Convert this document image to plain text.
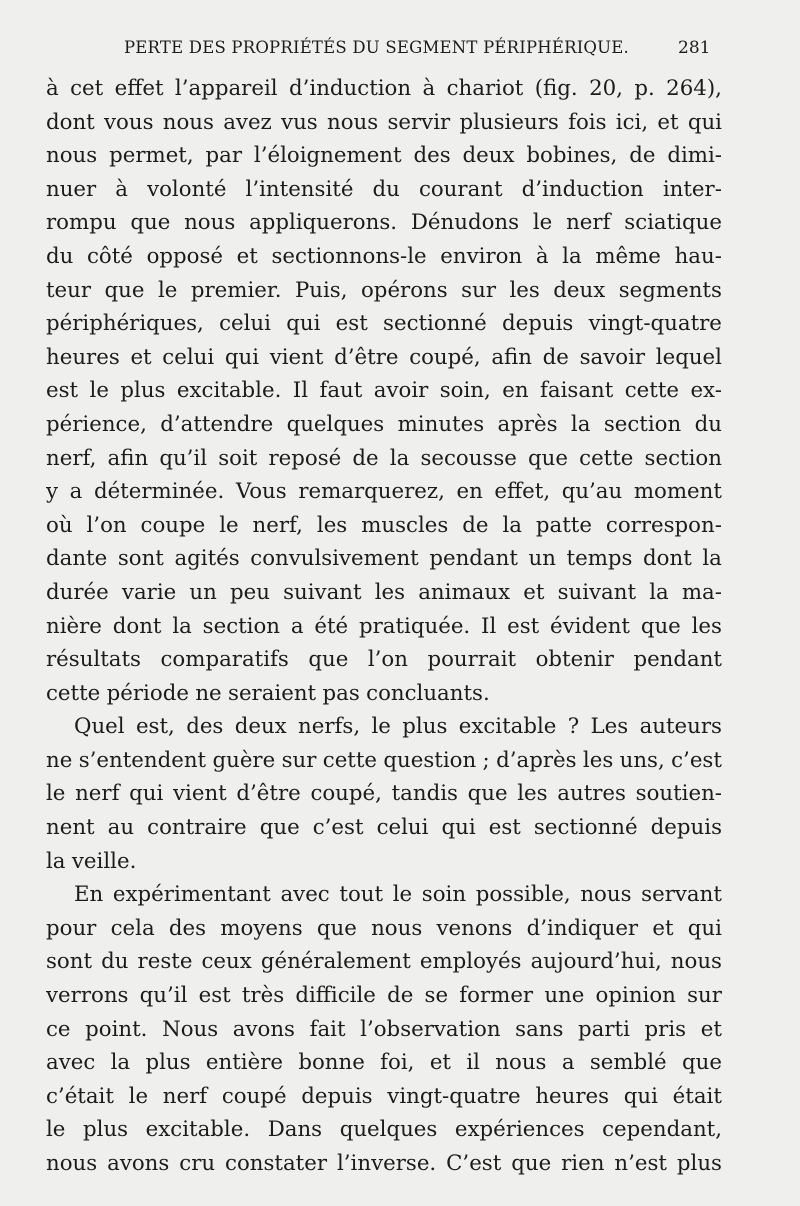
PERTE DES PROPRIÉTÉS DU SEGMENT PÉRIPHÉRIQUE.	281
à cet effet l’appareil d’induction à chariot (fig. 20, p. 264),
dont vous nous avez vus nous servir plusieurs fois ici, et qui
nous permet, par l’éloignement des deux bobines, de dimi-
nuer à volonté l’intensité du courant d’induction inter-
rompu que nous appliquerons. Dénudons le nerf sciatique
du côté opposé et sectionnons-le environ à la même hau-
teur que le premier. Puis, opérons sur les deux segments
périphériques, celui qui est sectionné depuis vingt-quatre
heures et celui qui vient d’être coupé, afin de savoir lequel
est le plus excitable. Il faut avoir soin, en faisant cette ex-
périence, d’attendre quelques minutes après la section du
nerf, afin qu’il soit reposé de la secousse que cette section
y a déterminée. Vous remarquerez, en effet, qu’au moment
où l’on coupe le nerf, les muscles de la patte correspon-
dante sont agités convulsivement pendant un temps dont la
durée varie un peu suivant les animaux et suivant la ma-
nière dont la section a été pratiquée. Il est évident que les
résultats comparatifs que l’on pourrait obtenir pendant
cette période ne seraient pas concluants.
Quel est, des deux nerfs, le plus excitable ? Les auteurs
ne s’entendent guère sur cette question ; d’après les uns, c’est
le nerf qui vient d’être coupé, tandis que les autres soutien-
nent au contraire que c’est celui qui est sectionné depuis
la veille.
En expérimentant avec tout le soin possible, nous servant
pour cela des moyens que nous venons d’indiquer et qui
sont du reste ceux généralement employés aujourd’hui, nous
verrons qu’il est très difficile de se former une opinion sur
ce point. Nous avons fait l’observation sans parti pris et
avec la plus entière bonne foi, et il nous a semblé que
c’était le nerf coupé depuis vingt-quatre heures qui était
le plus excitable. Dans quelques expériences cependant,
nous avons cru constater l’inverse. C’est que rien n’est plus
